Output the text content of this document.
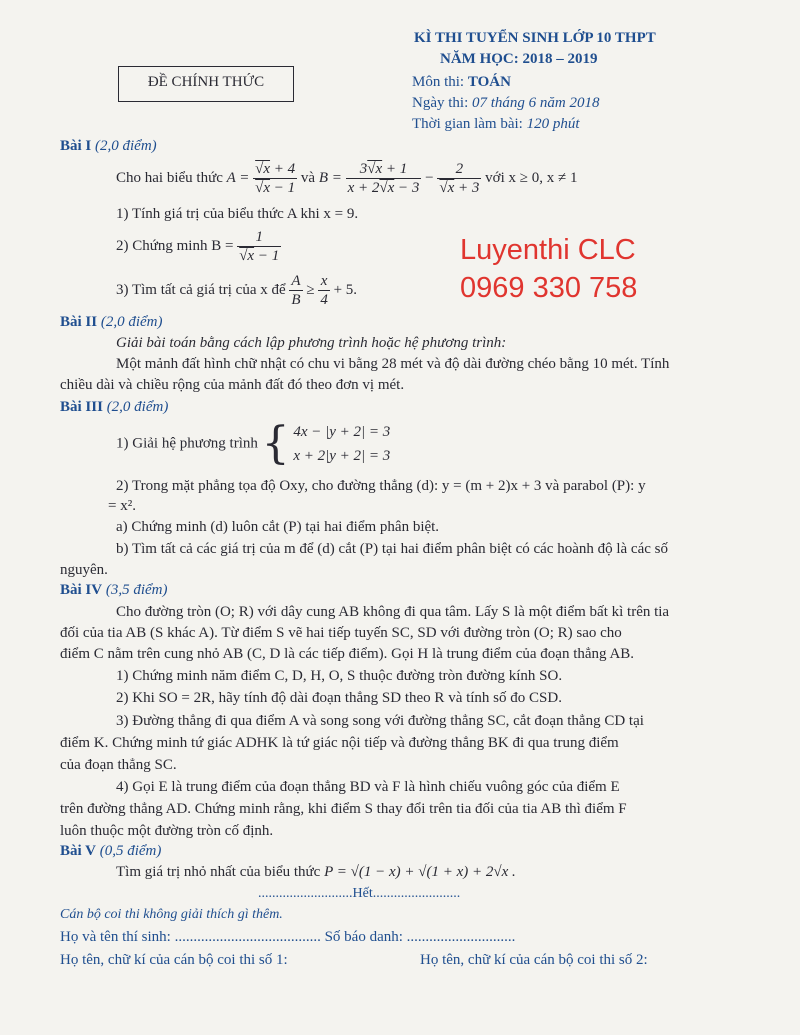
KÌ THI TUYỂN SINH LỚP 10 THPT
NĂM HỌC: 2018 – 2019
ĐỀ CHÍNH THỨC	Môn thi: TOÁN
Ngày thi: 07 tháng 6 năm 2018
Thời gian làm bài: 120 phút
Bài I (2,0 điểm)
Cho hai biểu thức $A = \frac{√x + 4}{√x - 1}$ và $B = \frac{3√x + 1}{x + 2√x - 3} - \frac{2}{√x + 3}$ với x ≥ 0, x ≠ 1
1) Tính giá trị của biểu thức A khi x = 9.
2) Chứng minh $B = \frac{1}{√x - 1}$
3) Tìm tất cả giá trị của x để $\frac{A}{B} \ge \frac{x}{4} + 5$.
Luyenthi CLC
0969 330 758
Bài II (2,0 điểm)
Giải bài toán bằng cách lập phương trình hoặc hệ phương trình:
Một mảnh đất hình chữ nhật có chu vi bằng 28 mét và độ dài đường chéo bằng 10 mét. Tính
chiều dài và chiều rộng của mảnh đất đó theo đơn vị mét.
Bài III (2,0 điểm)
1) Giải hệ phương trình { 4x − |y + 2| = 3
x + 2|y + 2| = 3
2) Trong mặt phẳng tọa độ Oxy, cho đường thẳng (d): y = (m + 2)x + 3 và parabol (P): y
= x².
a) Chứng minh (d) luôn cắt (P) tại hai điểm phân biệt.
b) Tìm tất cả các giá trị của m để (d) cắt (P) tại hai điểm phân biệt có các hoành độ là các số
nguyên.
Bài IV (3,5 điểm)
Cho đường tròn (O; R) với dây cung AB không đi qua tâm. Lấy S là một điểm bất kì trên tia
đối của tia AB (S khác A). Từ điểm S vẽ hai tiếp tuyến SC, SD với đường tròn (O; R) sao cho
điểm C nằm trên cung nhỏ AB (C, D là các tiếp điểm). Gọi H là trung điểm của đoạn thẳng AB.
1) Chứng minh năm điểm C, D, H, O, S thuộc đường tròn đường kính SO.
2) Khi SO = 2R, hãy tính độ dài đoạn thẳng SD theo R và tính số đo CSD.
3) Đường thẳng đi qua điểm A và song song với đường thẳng SC, cắt đoạn thẳng CD tại
điểm K. Chứng minh tứ giác ADHK là tứ giác nội tiếp và đường thẳng BK đi qua trung điểm
của đoạn thẳng SC.
4) Gọi E là trung điểm của đoạn thẳng BD và F là hình chiếu vuông góc của điểm E
trên đường thẳng AD. Chứng minh rằng, khi điểm S thay đổi trên tia đối của tia AB thì điểm F
luôn thuộc một đường tròn cố định.
Bài V (0,5 điểm)
Tìm giá trị nhỏ nhất của biểu thức P = √(1 − x) + √(1 + x) + 2√x .
...........................Hết.........................
Cán bộ coi thi không giải thích gì thêm.
Họ và tên thí sinh: ....................................... Số báo danh: .............................
Họ tên, chữ kí của cán bộ coi thi số 1:	Họ tên, chữ kí của cán bộ coi thi số 2:
